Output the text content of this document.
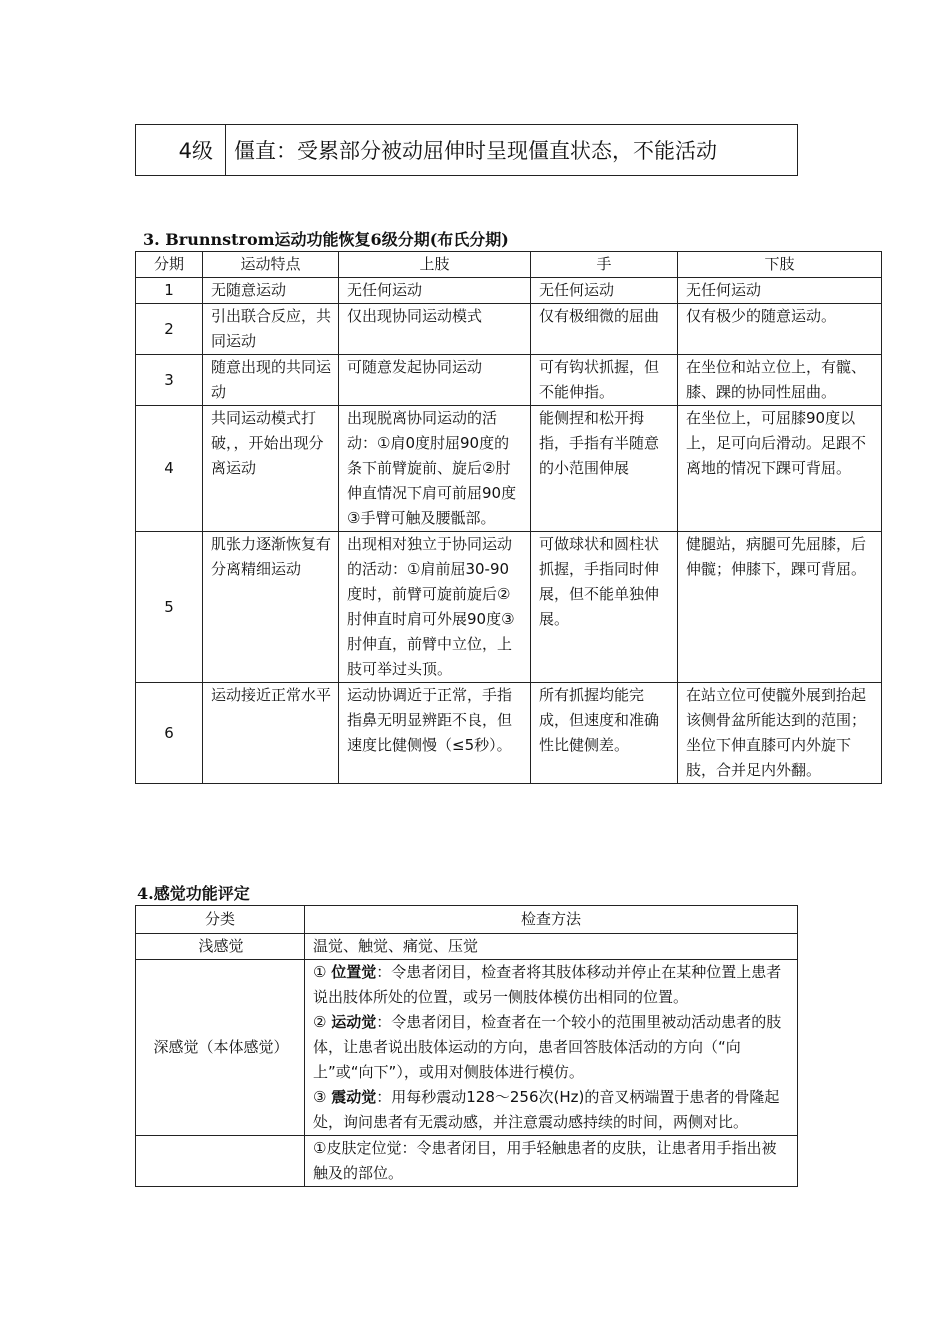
4级	僵直：受累部分被动屈伸时呈现僵直状态，不能活动
3. Brunnstrom运动功能恢复6级分期(布氏分期)
分期	运动特点	上肢	手	下肢
1	无随意运动	无任何运动	无任何运动	无任何运动
2	引出联合反应，共同运动	仅出现协同运动模式	仅有极细微的屈曲	仅有极少的随意运动。
3	随意出现的共同运动	可随意发起协同运动	可有钩状抓握，但不能伸指。	在坐位和站立位上，有髋、膝、踝的协同性屈曲。
4	共同运动模式打破，，开始出现分离运动	出现脱离协同运动的活动：①肩0度肘屈90度的条下前臂旋前、旋后②肘伸直情况下肩可前屈90度③手臂可触及腰骶部。	能侧捏和松开拇指，手指有半随意的小范围伸展	在坐位上，可屈膝90度以上，足可向后滑动。足跟不离地的情况下踝可背屈。
5	肌张力逐渐恢复有分离精细运动	出现相对独立于协同运动的活动：①肩前屈30-90度时，前臂可旋前旋后②肘伸直时肩可外展90度③肘伸直，前臂中立位，上肢可举过头顶。	可做球状和圆柱状抓握，手指同时伸展，但不能单独伸展。	健腿站，病腿可先屈膝，后伸髋；伸膝下，踝可背屈。
6	运动接近正常水平	运动协调近于正常，手指指鼻无明显辨距不良，但速度比健侧慢（≤5秒）。	所有抓握均能完成，但速度和准确性比健侧差。	在站立位可使髋外展到抬起该侧骨盆所能达到的范围；坐位下伸直膝可内外旋下肢，合并足内外翻。
4.感觉功能评定
分类	检查方法
浅感觉	温觉、触觉、痛觉、压觉
深感觉（本体感觉）	① 位置觉：令患者闭目，检查者将其肢体移动并停止在某种位置上患者说出肢体所处的位置，或另一侧肢体模仿出相同的位置。
② 运动觉：令患者闭目，检查者在一个较小的范围里被动活动患者的肢体，让患者说出肢体运动的方向，患者回答肢体活动的方向（“向上”或“向下”），或用对侧肢体进行模仿。
③ 震动觉：用每秒震动128～256次(Hz)的音叉柄端置于患者的骨隆起处，询问患者有无震动感，并注意震动感持续的时间，两侧对比。

	①皮肤定位觉：令患者闭目，用手轻触患者的皮肤，让患者用手指出被触及的部位。
